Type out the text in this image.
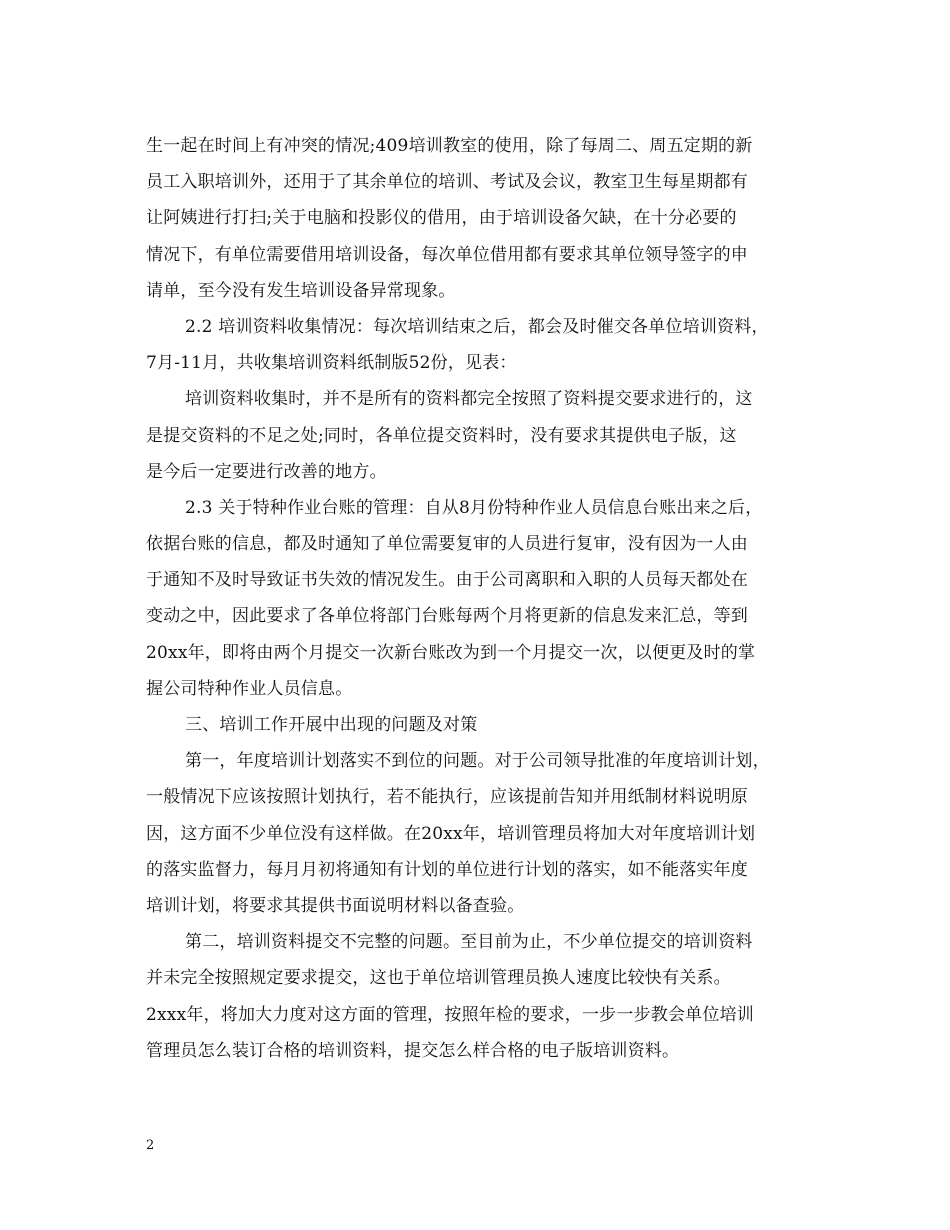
生一起在时间上有冲突的情况;409培训教室的使用，除了每周二、周五定期的新
员工入职培训外，还用于了其余单位的培训、考试及会议，教室卫生每星期都有
让阿姨进行打扫;关于电脑和投影仪的借用，由于培训设备欠缺，在十分必要的
情况下，有单位需要借用培训设备，每次单位借用都有要求其单位领导签字的申
请单，至今没有发生培训设备异常现象。
2.2 培训资料收集情况：每次培训结束之后，都会及时催交各单位培训资料，
7月-11月，共收集培训资料纸制版52份，见表：
培训资料收集时，并不是所有的资料都完全按照了资料提交要求进行的，这
是提交资料的不足之处;同时，各单位提交资料时，没有要求其提供电子版，这
是今后一定要进行改善的地方。
2.3 关于特种作业台账的管理：自从8月份特种作业人员信息台账出来之后，
依据台账的信息，都及时通知了单位需要复审的人员进行复审，没有因为一人由
于通知不及时导致证书失效的情况发生。由于公司离职和入职的人员每天都处在
变动之中，因此要求了各单位将部门台账每两个月将更新的信息发来汇总，等到
20xx年，即将由两个月提交一次新台账改为到一个月提交一次，以便更及时的掌
握公司特种作业人员信息。
三、培训工作开展中出现的问题及对策
第一，年度培训计划落实不到位的问题。对于公司领导批准的年度培训计划，
一般情况下应该按照计划执行，若不能执行，应该提前告知并用纸制材料说明原
因，这方面不少单位没有这样做。在20xx年，培训管理员将加大对年度培训计划
的落实监督力，每月月初将通知有计划的单位进行计划的落实，如不能落实年度
培训计划，将要求其提供书面说明材料以备查验。
第二，培训资料提交不完整的问题。至目前为止，不少单位提交的培训资料
并未完全按照规定要求提交，这也于单位培训管理员换人速度比较快有关系。
2xxx年，将加大力度对这方面的管理，按照年检的要求，一步一步教会单位培训
管理员怎么装订合格的培训资料，提交怎么样合格的电子版培训资料。
2
